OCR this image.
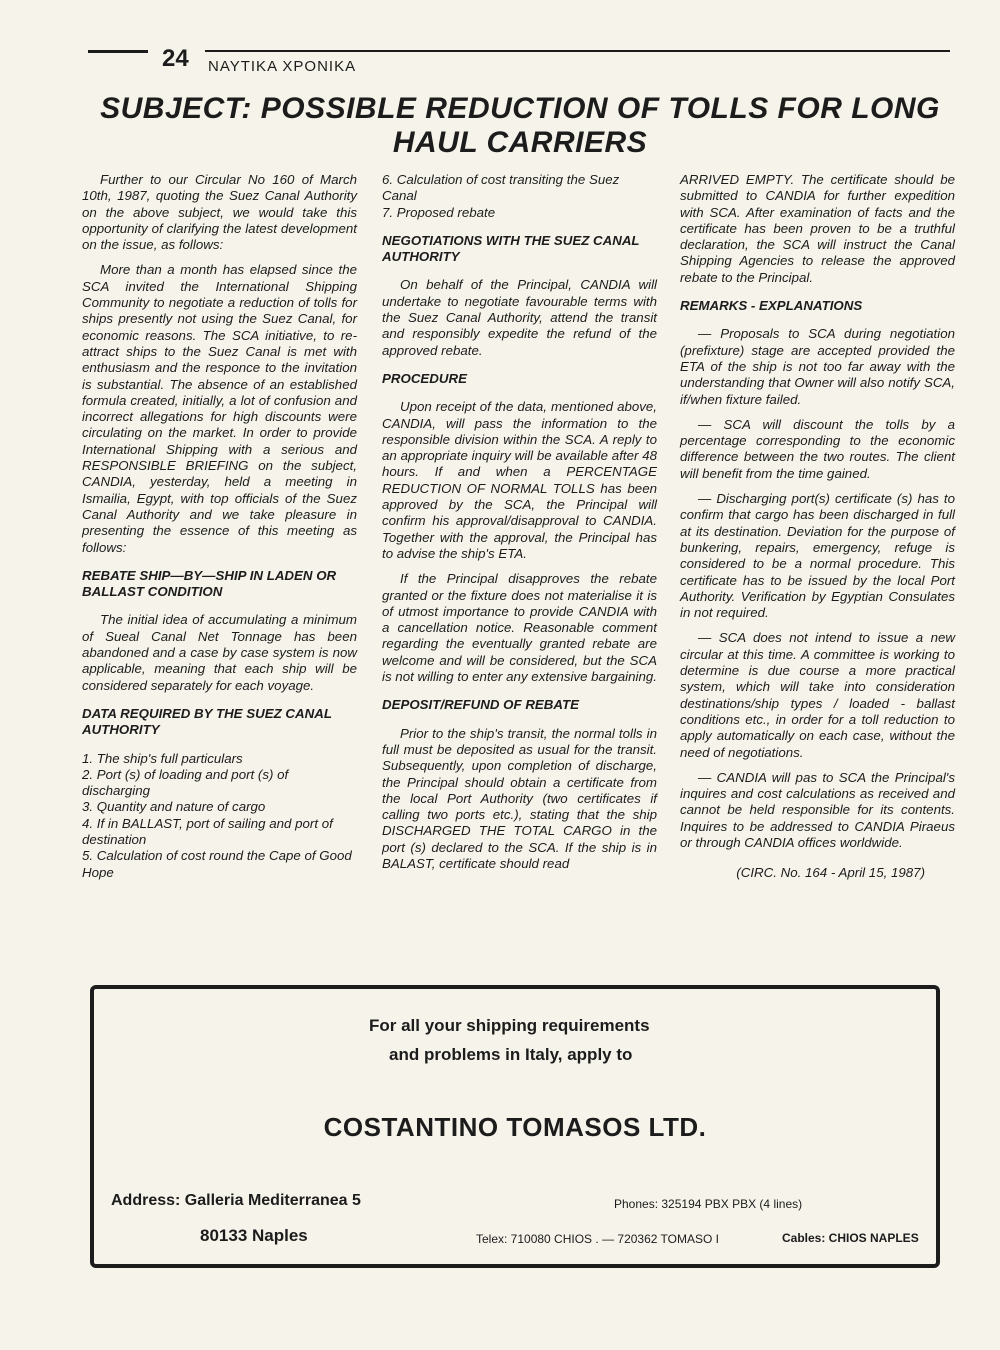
24 ΝΑΥΤΙΚΑ ΧΡΟΝΙΚΑ
SUBJECT: POSSIBLE REDUCTION OF TOLLS FOR LONG HAUL CARRIERS

Further to our Circular No 160 of March 10th, 1987, quoting the Suez Canal Authority on the above subject, we would take this opportunity of clarifying the latest development on the issue, as follows:

More than a month has elapsed since the SCA invited the International Shipping Community to negotiate a reduction of tolls for ships presently not using the Suez Canal, for economic reasons. The SCA initiative, to re-attract ships to the Suez Canal is met with enthusiasm and the responce to the invitation is substantial. The absence of an established formula created, initially, a lot of confusion and incorrect allegations for high discounts were circulating on the market. In order to provide International Shipping with a serious and RESPONSIBLE BRIEFING on the subject, CANDIA, yesterday, held a meeting in Ismailia, Egypt, with top officials of the Suez Canal Authority and we take pleasure in presenting the essence of this meeting as follows:

REBATE SHIP—BY—SHIP IN LADEN OR BALLAST CONDITION

The initial idea of accumulating a minimum of Sueal Canal Net Tonnage has been abandoned and a case by case system is now applicable, meaning that each ship will be considered separately for each voyage.

DATA REQUIRED BY THE SUEZ CANAL AUTHORITY

1. The ship's full particulars

2. Port (s) of loading and port (s) of discharging

3. Quantity and nature of cargo

4. If in BALLAST, port of sailing and port of destination

5. Calculation of cost round the Cape of Good Hope

6. Calculation of cost transiting the Suez Canal

7. Proposed rebate

NEGOTIATIONS WITH THE SUEZ CANAL AUTHORITY

On behalf of the Principal, CANDIA will undertake to negotiate favourable terms with the Suez Canal Authority, attend the transit and responsibly expedite the refund of the approved rebate.

PROCEDURE

Upon receipt of the data, mentioned above, CANDIA, will pass the information to the responsible division within the SCA. A reply to an appropriate inquiry will be available after 48 hours. If and when a PERCENTAGE REDUCTION OF NORMAL TOLLS has been approved by the SCA, the Principal will confirm his approval/disapproval to CANDIA. Together with the approval, the Principal has to advise the ship's ETA.

If the Principal disapproves the rebate granted or the fixture does not materialise it is of utmost importance to provide CANDIA with a cancellation notice. Reasonable comment regarding the eventually granted rebate are welcome and will be considered, but the SCA is not willing to enter any extensive bargaining.

DEPOSIT/REFUND OF REBATE

Prior to the ship's transit, the normal tolls in full must be deposited as usual for the transit. Subsequently, upon completion of discharge, the Principal should obtain a certificate from the local Port Authority (two certificates if calling two ports etc.), stating that the ship DISCHARGED THE TOTAL CARGO in the port (s) declared to the SCA. If the ship is in BALAST, certificate should read

ARRIVED EMPTY. The certificate should be submitted to CANDIA for further expedition with SCA. After examination of facts and the certificate has been proven to be a truthful declaration, the SCA will instruct the Canal Shipping Agencies to release the approved rebate to the Principal.

REMARKS - EXPLANATIONS

— Proposals to SCA during negotiation (prefixture) stage are accepted provided the ETA of the ship is not too far away with the understanding that Owner will also notify SCA, if/when fixture failed.

— SCA will discount the tolls by a percentage corresponding to the economic difference between the two routes. The client will benefit from the time gained.

— Discharging port(s) certificate (s) has to confirm that cargo has been discharged in full at its destination. Deviation for the purpose of bunkering, repairs, emergency, refuge is considered to be a normal procedure. This certificate has to be issued by the local Port Authority. Verification by Egyptian Consulates in not required.

— SCA does not intend to issue a new circular at this time. A committee is working to determine is due course a more practical system, which will take into consideration destinations/ship types / loaded - ballast conditions etc., in order for a toll reduction to apply automatically on each case, without the need of negotiations.

— CANDIA will pas to SCA the Principal's inquires and cost calculations as received and cannot be held responsible for its contents. Inquires to be addressed to CANDIA Piraeus or through CANDIA offices worldwide.

(CIRC. No. 164 - April 15, 1987)

For all your shipping requirements
and problems in Italy, apply to
COSTANTINO TOMASOS LTD.
Address: Galleria Mediterranea 5
80133 Naples
Phones: 325194 PBX PBX (4 lines)
Telex: 710080 CHIOS . — 720362 TOMASO I	Cables: CHIOS NAPLES
